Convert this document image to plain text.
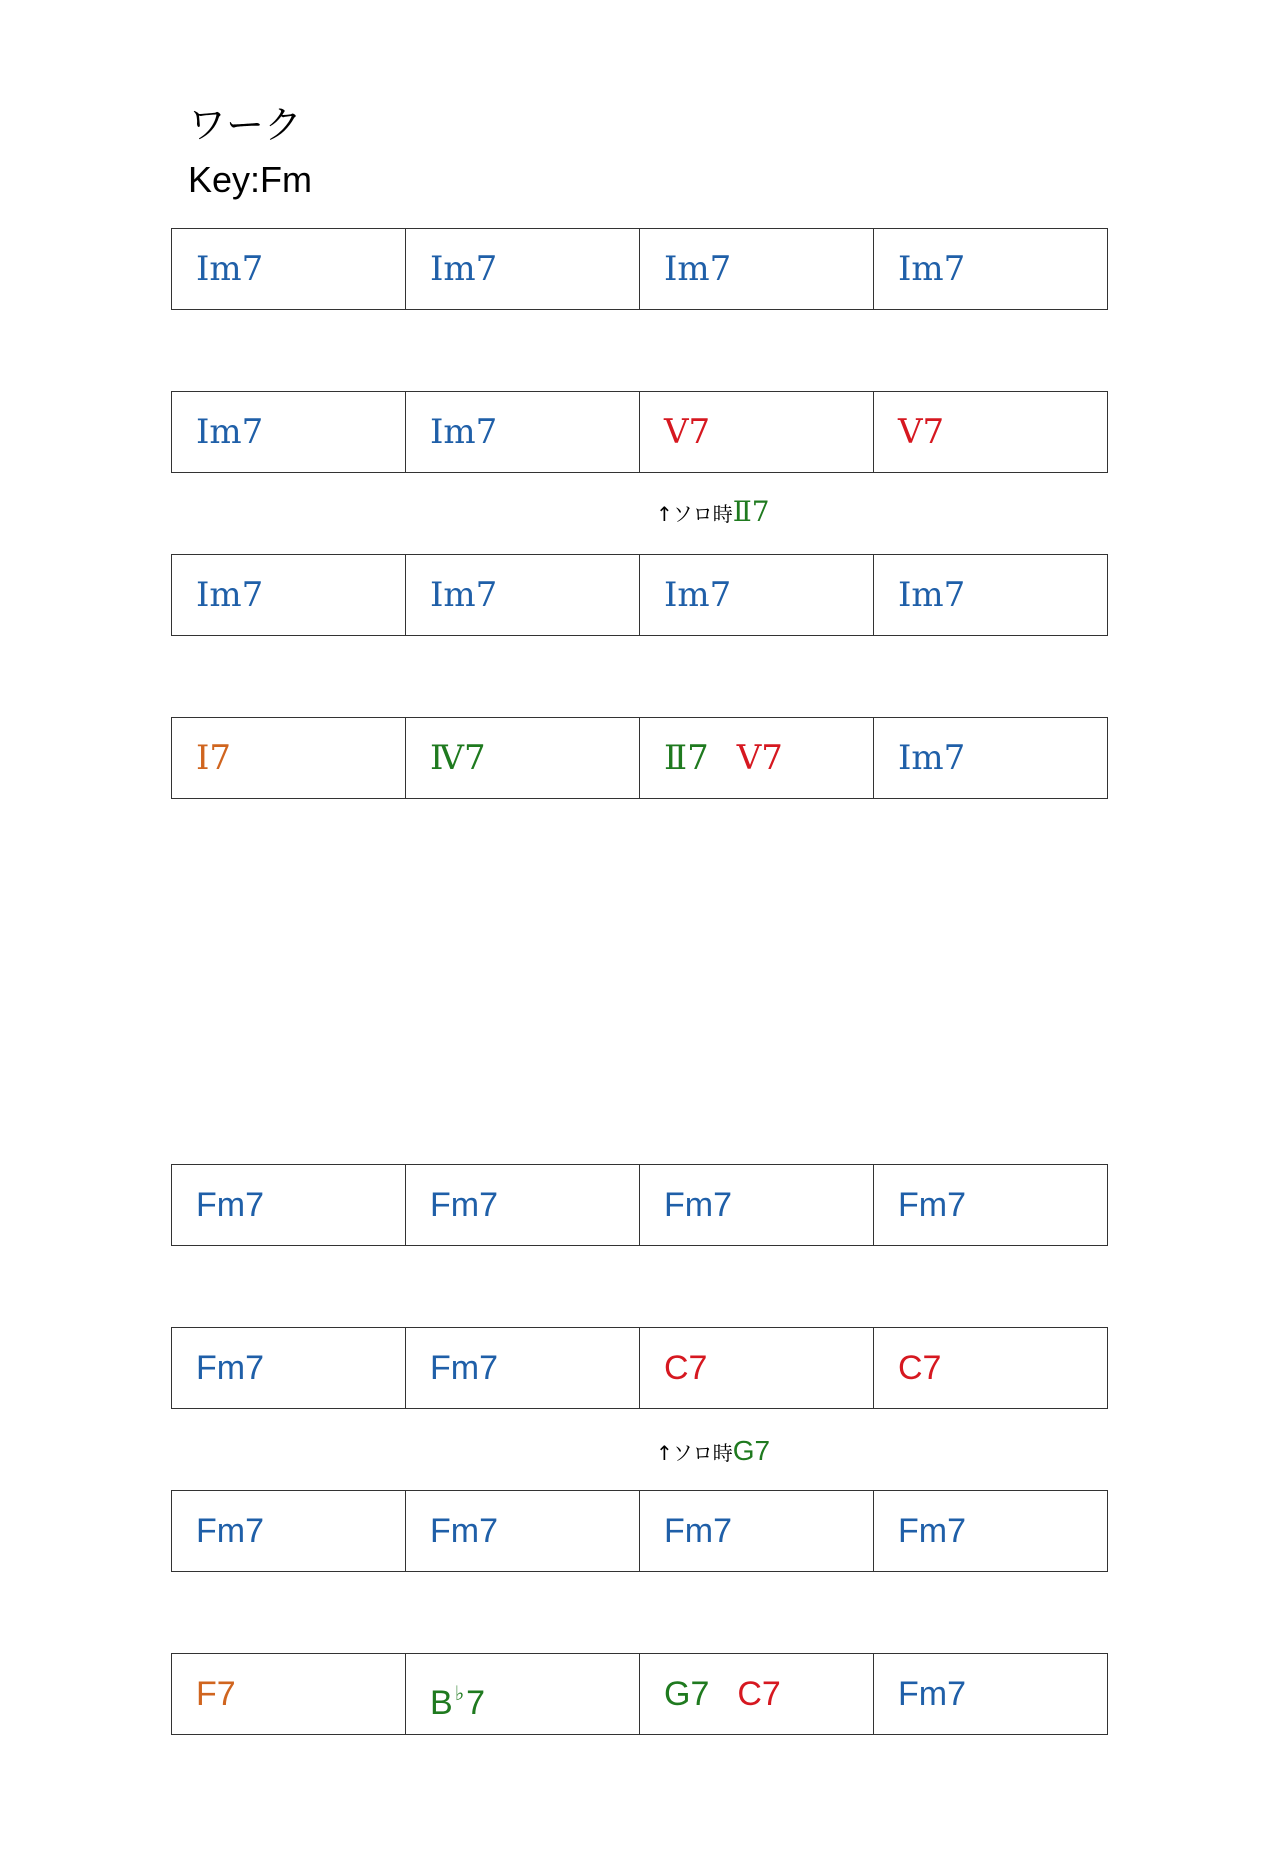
ワーク
Key:Fm
Ⅰm7	Ⅰm7	Ⅰm7	Ⅰm7
Ⅰm7	Ⅰm7	Ⅴ7	Ⅴ7
Ⅰm7	Ⅰm7	Ⅰm7	Ⅰm7
Ⅰ7	Ⅳ7	Ⅱ7 Ⅴ7	Ⅰm7
↑ソロ時Ⅱ7
Fm7	Fm7	Fm7	Fm7
Fm7	Fm7	C7	C7
Fm7	Fm7	Fm7	Fm7
F7	B ♭7	G7 C7	Fm7
↑ソロ時G7
